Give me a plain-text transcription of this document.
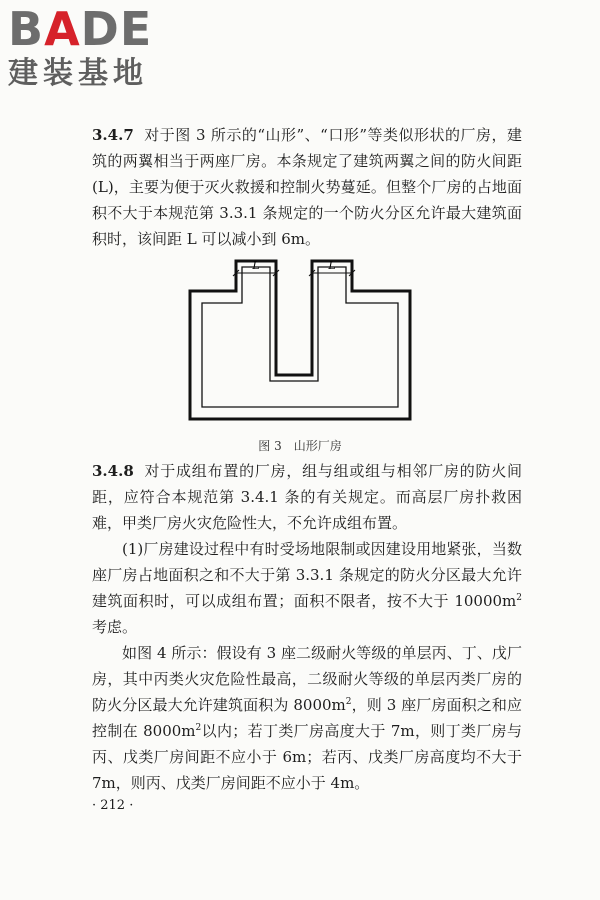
BADE
建装基地

3.4.7 对于图 3 所示的“山形”、“口形”等类似形状的厂房，建筑的两翼相当于两座厂房。本条规定了建筑两翼之间的防火间距(L)，主要为便于灭火救援和控制火势蔓延。但整个厂房的占地面积不大于本规范第 3.3.1 条规定的一个防火分区允许最大建筑面积时，该间距 L 可以减小到 6m。

L	L
图 3　山形厂房

3.4.8 对于成组布置的厂房，组与组或组与相邻厂房的防火间距，应符合本规范第 3.4.1 条的有关规定。而高层厂房扑救困难，甲类厂房火灾危险性大，不允许成组布置。

(1)厂房建设过程中有时受场地限制或因建设用地紧张，当数座厂房占地面积之和不大于第 3.3.1 条规定的防火分区最大允许建筑面积时，可以成组布置；面积不限者，按不大于 $10000m^2$考虑。

如图 4 所示：假设有 3 座二级耐火等级的单层丙、丁、戊厂房，其中丙类火灾危险性最高，二级耐火等级的单层丙类厂房的防火分区最大允许建筑面积为 $8000m^2$，则 3 座厂房面积之和应控制在 $8000m^2$以内；若丁类厂房高度大于 7m，则丁类厂房与丙、戊类厂房间距不应小于 6m；若丙、戊类厂房高度均不大于 7m，则丙、戊类厂房间距不应小于 4m。

· 212 ·
